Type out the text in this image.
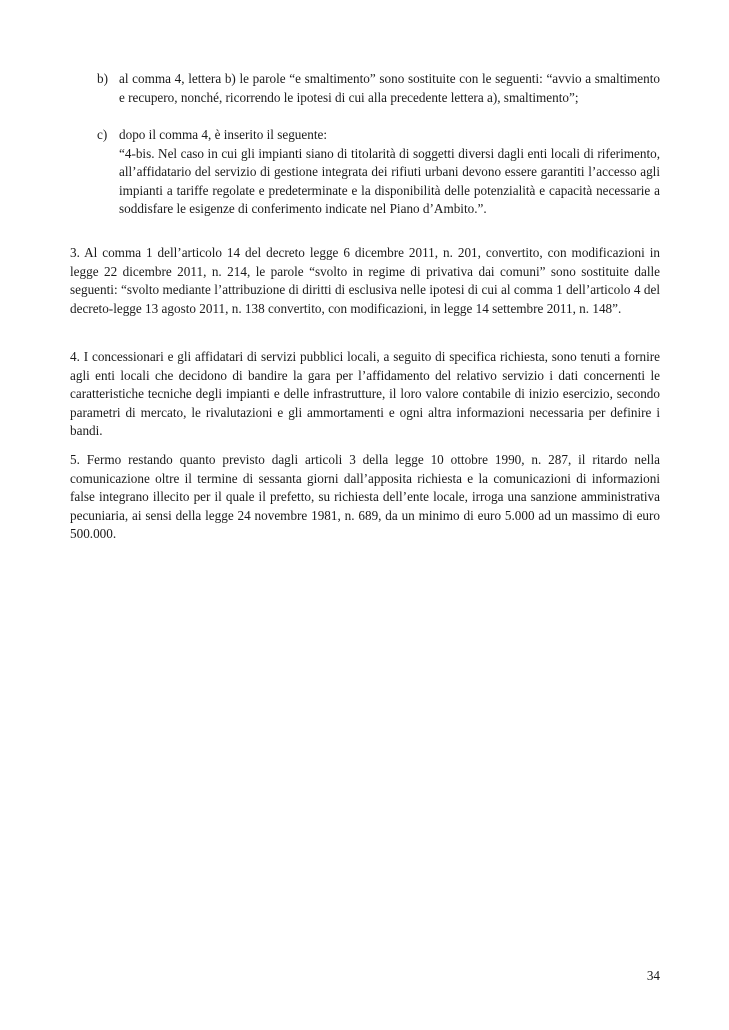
b) al comma 4, lettera b) le parole “e smaltimento” sono sostituite con le seguenti: “avvio a smaltimento e recupero, nonché, ricorrendo le ipotesi di cui alla precedente lettera a), smaltimento”;

c) dopo il comma 4, è inserito il seguente:

“4-bis. Nel caso in cui gli impianti siano di titolarità di soggetti diversi dagli enti locali di riferimento, all’affidatario del servizio di gestione integrata dei rifiuti urbani devono essere garantiti l’accesso agli impianti a tariffe regolate e predeterminate e la disponibilità delle potenzialità e capacità necessarie a soddisfare le esigenze di conferimento indicate nel Piano d’Ambito.”.

3. Al comma 1 dell’articolo 14 del decreto legge 6 dicembre 2011, n. 201, convertito, con modificazioni in legge 22 dicembre 2011, n. 214, le parole “svolto in regime di privativa dai comuni” sono sostituite dalle seguenti: “svolto mediante l’attribuzione di diritti di esclusiva nelle ipotesi di cui al comma 1 dell’articolo 4 del decreto-legge 13 agosto 2011, n. 138 convertito, con modificazioni, in legge 14 settembre 2011, n. 148”.

4. I concessionari e gli affidatari di servizi pubblici locali, a seguito di specifica richiesta, sono tenuti a fornire agli enti locali che decidono di bandire la gara per l’affidamento del relativo servizio i dati concernenti le caratteristiche tecniche degli impianti e delle infrastrutture, il loro valore contabile di inizio esercizio, secondo parametri di mercato, le rivalutazioni e gli ammortamenti e ogni altra informazioni necessaria per definire i bandi.

5. Fermo restando quanto previsto dagli articoli 3 della legge 10 ottobre 1990, n. 287, il ritardo nella comunicazione oltre il termine di sessanta giorni dall’apposita richiesta e la comunicazioni di informazioni false integrano illecito per il quale il prefetto, su richiesta dell’ente locale, irroga una sanzione amministrativa pecuniaria, ai sensi della legge 24 novembre 1981, n. 689, da un minimo di euro 5.000 ad un massimo di euro 500.000.

34
